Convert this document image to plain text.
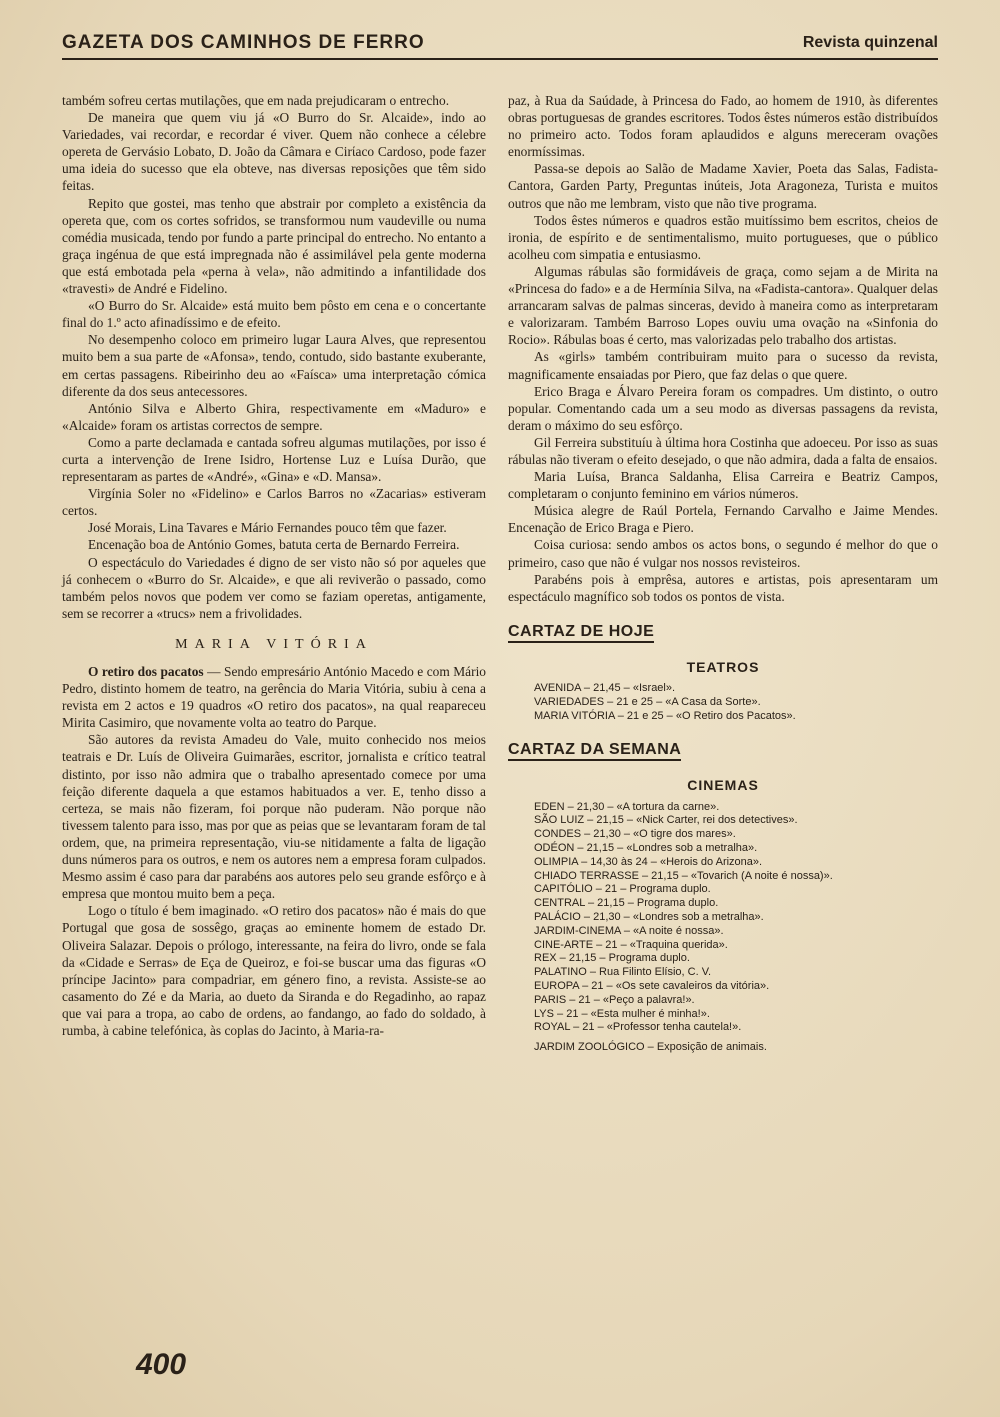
GAZETA DOS CAMINHOS DE FERRO	Revista quinzenal

também sofreu certas mutilações, que em nada prejudicaram o entrecho.

De maneira que quem viu já «O Burro do Sr. Alcaide», indo ao Variedades, vai recordar, e recordar é viver. Quem não conhece a célebre opereta de Gervásio Lobato, D. João da Câmara e Cirίaco Cardoso, pode fazer uma ideia do sucesso que ela obteve, nas diversas reposições que têm sido feitas.

Repito que gostei, mas tenho que abstrair por completo a existência da opereta que, com os cortes sofridos, se transformou num vaudeville ou numa comédia musicada, tendo por fundo a parte principal do entrecho. No entanto a graça ingénua de que está impregnada não é assimilável pela gente moderna que está embotada pela «perna à vela», não admitindo a infantilidade dos «travesti» de André e Fidelino.

«O Burro do Sr. Alcaide» está muito bem pôsto em cena e o concertante final do 1.º acto afinadíssimo e de efeito.

No desempenho coloco em primeiro lugar Laura Alves, que representou muito bem a sua parte de «Afonsa», tendo, contudo, sido bastante exuberante, em certas passagens. Ribeirinho deu ao «Faísca» uma interpretação cómica diferente da dos seus antecessores.

António Silva e Alberto Ghira, respectivamente em «Maduro» e «Alcaide» foram os artistas correctos de sempre.

Como a parte declamada e cantada sofreu algumas mutilações, por isso é curta a intervenção de Irene Isidro, Hortense Luz e Luísa Durão, que representaram as partes de «André», «Gina» e «D. Mansa».

Virgínia Soler no «Fidelino» e Carlos Barros no «Zacarias» estiveram certos.

José Morais, Lina Tavares e Mário Fernandes pouco têm que fazer.

Encenação boa de António Gomes, batuta certa de Bernardo Ferreira.

O espectáculo do Variedades é digno de ser visto não só por aqueles que já conhecem o «Burro do Sr. Alcaide», e que ali reviverão o passado, como também pelos novos que podem ver como se faziam operetas, antigamente, sem se recorrer a «trucs» nem a frivolidades.

MARIA VITÓRIA

O retiro dos pacatos — Sendo empresário António Macedo e com Mário Pedro, distinto homem de teatro, na gerência do Maria Vitória, subiu à cena a revista em 2 actos e 19 quadros «O retiro dos pacatos», na qual reapareceu Mirita Casimiro, que novamente volta ao teatro do Parque.

São autores da revista Amadeu do Vale, muito conhecido nos meios teatrais e Dr. Luís de Oliveira Guimarães, escritor, jornalista e crítico teatral distinto, por isso não admira que o trabalho apresentado comece por uma feição diferente daquela a que estamos habituados a ver. E, tenho disso a certeza, se mais não fizeram, foi porque não puderam. Não porque não tivessem talento para isso, mas por que as peias que se levantaram foram de tal ordem, que, na primeira representação, viu-se nitidamente a falta de ligação duns números para os outros, e nem os autores nem a empresa foram culpados. Mesmo assim é caso para dar parabéns aos autores pelo seu grande esfôrço e à empresa que montou muito bem a peça.

Logo o título é bem imaginado. «O retiro dos pacatos» não é mais do que Portugal que gosa de sossêgo, graças ao eminente homem de estado Dr. Oliveira Salazar. Depois o prólogo, interessante, na feira do livro, onde se fala da «Cidade e Serras» de Eça de Queiroz, e foi-se buscar uma das figuras «O príncipe Jacinto» para compadriar, em género fino, a revista. Assiste-se ao casamento do Zé e da Maria, ao dueto da Siranda e do Regadinho, ao rapaz que vai para a tropa, ao cabo de ordens, ao fandango, ao fado do soldado, à rumba, à cabine telefónica, às coplas do Jacinto, à Maria-ra-

paz, à Rua da Saúdade, à Princesa do Fado, ao homem de 1910, às diferentes obras portuguesas de grandes escritores. Todos êstes números estão distribuídos no primeiro acto. Todos foram aplaudidos e alguns mereceram ovações enormíssimas.

Passa-se depois ao Salão de Madame Xavier, Poeta das Salas, Fadista-Cantora, Garden Party, Preguntas inúteis, Jota Aragoneza, Turista e muitos outros que não me lembram, visto que não tive programa.

Todos êstes números e quadros estão muitíssimo bem escritos, cheios de ironia, de espírito e de sentimentalismo, muito portugueses, que o público acolheu com simpatia e entusiasmo.

Algumas rábulas são formidáveis de graça, como sejam a de Mirita na «Princesa do fado» e a de Hermínia Silva, na «Fadista-cantora». Qualquer delas arrancaram salvas de palmas sinceras, devido à maneira como as interpretaram e valorizaram. Também Barroso Lopes ouviu uma ovação na «Sinfonia do Rocio». Rábulas boas é certo, mas valorizadas pelo trabalho dos artistas.

As «girls» também contribuiram muito para o sucesso da revista, magnificamente ensaiadas por Piero, que faz delas o que quere.

Erico Braga e Álvaro Pereira foram os compadres. Um distinto, o outro popular. Comentando cada um a seu modo as diversas passagens da revista, deram o máximo do seu esfôrço.

Gil Ferreira substituíu à última hora Costinha que adoeceu. Por isso as suas rábulas não tiveram o efeito desejado, o que não admira, dada a falta de ensaios.

Maria Luísa, Branca Saldanha, Elisa Carreira e Beatriz Campos, completaram o conjunto feminino em vários números.

Música alegre de Raúl Portela, Fernando Carvalho e Jaime Mendes. Encenação de Erico Braga e Piero.

Coisa curiosa: sendo ambos os actos bons, o segundo é melhor do que o primeiro, caso que não é vulgar nos nossos revisteiros.

Parabéns pois à emprêsa, autores e artistas, pois apresentaram um espectáculo magnífico sob todos os pontos de vista.

CARTAZ DE HOJE
TEATROS
AVENIDA – 21,45 – «Israel».
VARIEDADES – 21 e 25 – «A Casa da Sorte».
MARIA VITÓRIA – 21 e 25 – «O Retiro dos Pacatos».
CARTAZ DA SEMANA
CINEMAS
EDEN – 21,30 – «A tortura da carne».
SÃO LUIZ – 21,15 – «Nick Carter, rei dos detectives».
CONDES – 21,30 – «O tigre dos mares».
ODÉON – 21,15 – «Londres sob a metralha».
OLIMPIA – 14,30 às 24 – «Herois do Arizona».
CHIADO TERRASSE – 21,15 – «Tovarich (A noite é nossa)».
CAPITÓLIO – 21 – Programa duplo.
CENTRAL – 21,15 – Programa duplo.
PALÁCIO – 21,30 – «Londres sob a metralha».
JARDIM-CINEMA – «A noite é nossa».
CINE-ARTE – 21 – «Traquina querida».
REX – 21,15 – Programa duplo.
PALATINO – Rua Filinto Elísio, C. V.
EUROPA – 21 – «Os sete cavaleiros da vitória».
PARIS – 21 – «Peço a palavra!».
LYS – 21 – «Esta mulher é minha!».
ROYAL – 21 – «Professor tenha cautela!».
JARDIM ZOOLÓGICO – Exposição de animais.
400
